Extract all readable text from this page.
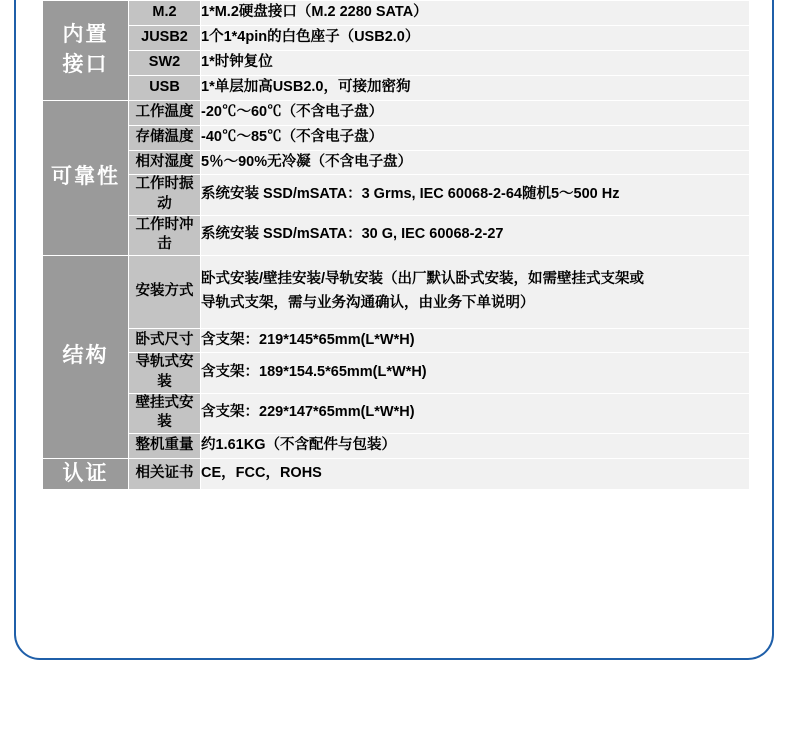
内置
接口	M.2	1*M.2硬盘接口（M.2 2280 SATA）
	JUSB2	1个1*4pin的白色座子（USB2.0）
	SW2	1*时钟复位
	USB	1*单层加高USB2.0，可接加密狗

可靠性	工作温度	-20℃～60℃（不含电子盘）
	存储温度	-40℃～85℃（不含电子盘）
	相对湿度	5％～90%无冷凝（不含电子盘）
	工作时振动	系统安装 SSD/mSATA：3 Grms, IEC 60068-2-64随机5～500 Hz
	工作时冲击	系统安装 SSD/mSATA：30 G, IEC 60068-2-27

结构	安装方式	卧式安装/壁挂安装/导轨安装（出厂默认卧式安装，如需壁挂式支架或
导轨式支架，需与业务沟通确认，由业务下单说明）

	卧式尺寸	含支架：219*145*65mm(L*W*H)
	导轨式安装	含支架：189*154.5*65mm(L*W*H)
	壁挂式安装	含支架：229*147*65mm(L*W*H)
	整机重量	约1.61KG（不含配件与包装）

认证	相关证书	CE，FCC，ROHS
